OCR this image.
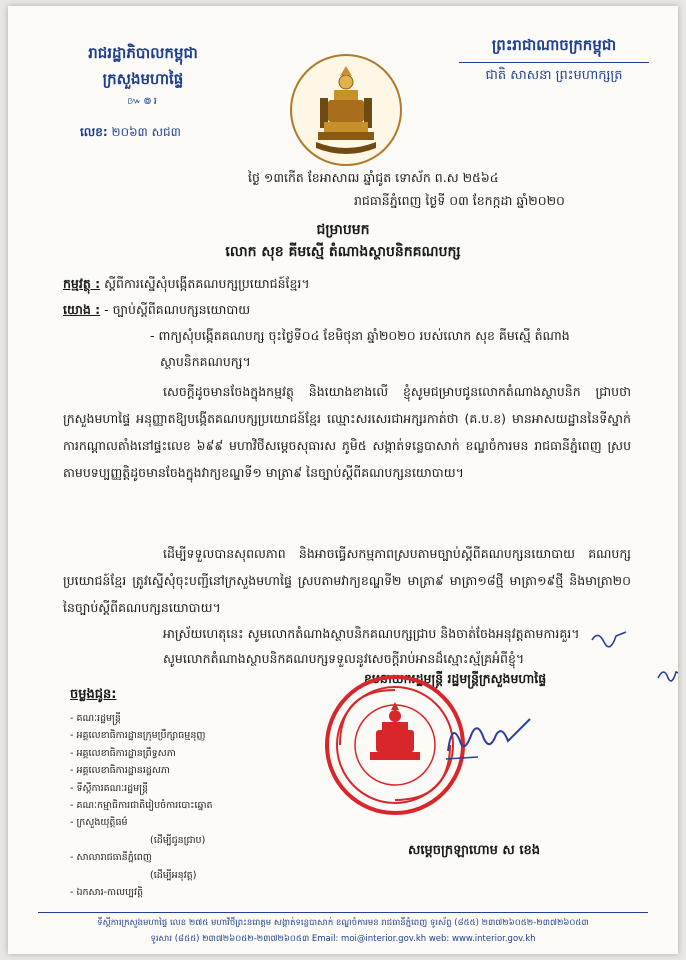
រាជរដ្ឋាភិបាលកម្ពុជា
ក្រសួងមហាផ្ទៃ
៚៙៛
លេខ: ២០៦៣ សជ៣
ព្រះរាជាណាចក្រកម្ពុជា
ជាតិ សាសនា ព្រះមហាក្សត្រ
ថ្ងៃ ១៣កើត ខែអាសាឍ ឆ្នាំជូត ទោស័ក ព.ស ២៥៦៤
រាជធានីភ្នំពេញ ថ្ងៃទី ០៣ ខែកក្កដា ឆ្នាំ២០២០
ជម្រាបមក
លោក សុខ គីមស្មើ តំណាងស្ថាបនិកគណបក្ស
កម្មវត្ថុ : ស្តីពីការស្នើសុំបង្កើតគណបក្សប្រយោជន៍ខ្មែរ។
យោង : - ច្បាប់ស្តីពីគណបក្សនយោបាយ
- ពាក្យសុំបង្កើតគណបក្ស ចុះថ្ងៃទី០៤ ខែមិថុនា ឆ្នាំ២០២០ របស់លោក សុខ គីមស្មើ តំណាង
ស្ថាបនិកគណបក្ស។
សេចក្តីដូចមានចែងក្នុងកម្មវត្ថុ និងយោងខាងលើ ខ្ញុំសូមជម្រាបជូនលោកតំណាងស្ថាបនិក ជ្រាបថា ក្រសួងមហាផ្ទៃ អនុញ្ញាតឱ្យបង្កើតគណបក្សប្រយោជន៍ខ្មែរ ឈ្មោះសរសេរជាអក្សរកាត់ថា (គ.ប.ខ) មានអាសយដ្ឋាននៃទីស្នាក់ការកណ្តាលតាំងនៅផ្ទះលេខ ៦៩៩ មហាវិថីសម្តេចសុធារស ភូមិ៥ សង្កាត់ទន្លេបាសាក់ ខណ្ឌចំការមន រាជធានីភ្នំពេញ ស្របតាមបទប្បញ្ញត្តិដូចមានចែងក្នុងវាក្យខណ្ឌទី១ មាត្រា៩ នៃច្បាប់ស្តីពីគណបក្សនយោបាយ។
ដើម្បីទទួលបានសុពលភាព និងអាចធ្វើសកម្មភាពស្របតាមច្បាប់ស្តីពីគណបក្សនយោបាយ គណបក្សប្រយោជន៍ខ្មែរ ត្រូវស្នើសុំចុះបញ្ជីនៅក្រសួងមហាផ្ទៃ ស្របតាមវាក្យខណ្ឌទី២ មាត្រា៩ មាត្រា១៨ថ្មី មាត្រា១៩ថ្មី និងមាត្រា២០ នៃច្បាប់ស្តីពីគណបក្សនយោបាយ។
អាស្រ័យហេតុនេះ សូមលោកតំណាងស្ថាបនិកគណបក្សជ្រាប និងចាត់ចែងអនុវត្តតាមការគួរ។
សូមលោកតំណាងស្ថាបនិកគណបក្សទទួលនូវសេចក្តីរាប់អានដ៏ស្មោះស្ម័គ្រអំពីខ្ញុំ។
ឧបនាយករដ្ឋមន្ត្រី រដ្ឋមន្ត្រីក្រសួងមហាផ្ទៃ
សម្តេចក្រឡាហោម ស ខេង
ចម្លងជូន:
- គណៈរដ្ឋមន្ត្រី
- អគ្គលេខាធិការដ្ឋានក្រុមប្រឹក្សាធម្មនុញ្ញ
- អគ្គលេខាធិការដ្ឋានព្រឹទ្ធសភា
- អគ្គលេខាធិការដ្ឋានរដ្ឋសភា
- ទីស្តីការគណៈរដ្ឋមន្ត្រី
- គណៈកម្មាធិការជាតិរៀបចំការបោះឆ្នោត
- ក្រសួងយុត្តិធម៌
(ដើម្បីជូនជ្រាប)
- សាលារាជធានីភ្នំពេញ
(ដើម្បីអនុវត្ត)
- ឯកសារ-កាលប្បវត្តិ
ទីស្តីការក្រសួងមហាផ្ទៃ លេខ ២៧៥ មហាវិថីព្រះនរោត្តម សង្កាត់ទន្លេបាសាក់ ខណ្ឌចំការមន រាជធានីភ្នំពេញ ទូរស័ព្ទ (៨៥៥) ២៣៧២៦០៥២-២៣៧២៦០៥៣
ទូរសារ (៨៥៥) ២៣៧២៦០៥២-២៣៧២៦០៥៣ Email: moi@interior.gov.kh web: www.interior.gov.kh
